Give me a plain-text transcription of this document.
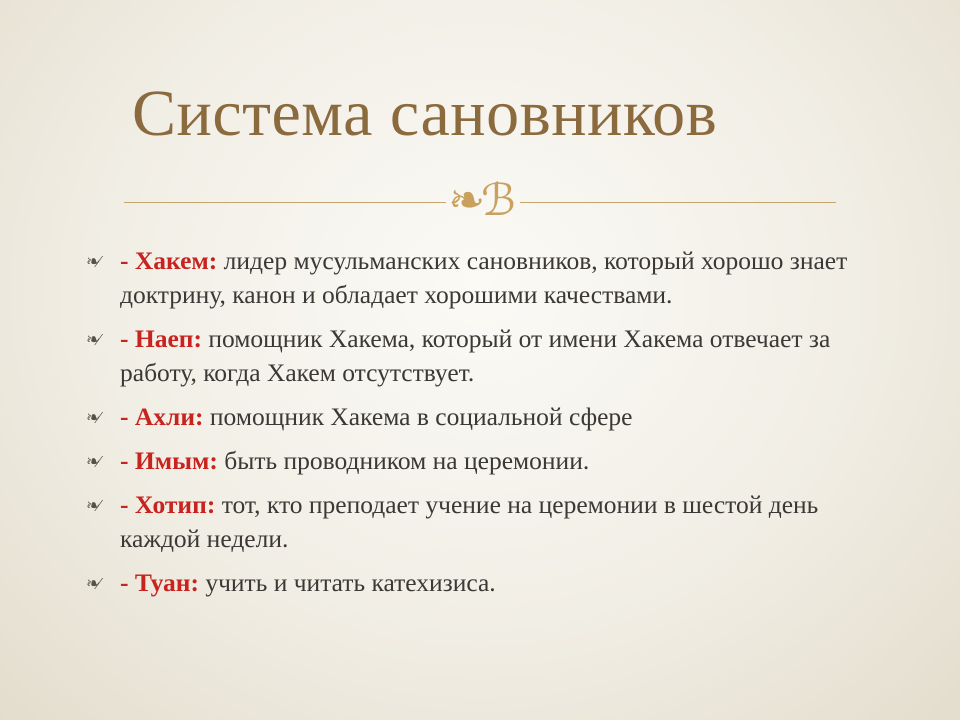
Система сановников
❧ℬ
❧⁄ - Хакем: лидер мусульманских сановников, который хорошо знает доктрину, канон и обладает хорошими качествами.
❧⁄ - Наеп: помощник Хакема, который от имени Хакема отвечает за работу, когда Хакем отсутствует.
❧⁄ - Ахли: помощник Хакема в социальной сфере
❧⁄ - Имым: быть проводником на церемонии.
❧⁄ - Хотип: тот, кто преподает учение на церемонии в шестой день каждой недели.
❧⁄ - Туан: учить и читать катехизиса.
